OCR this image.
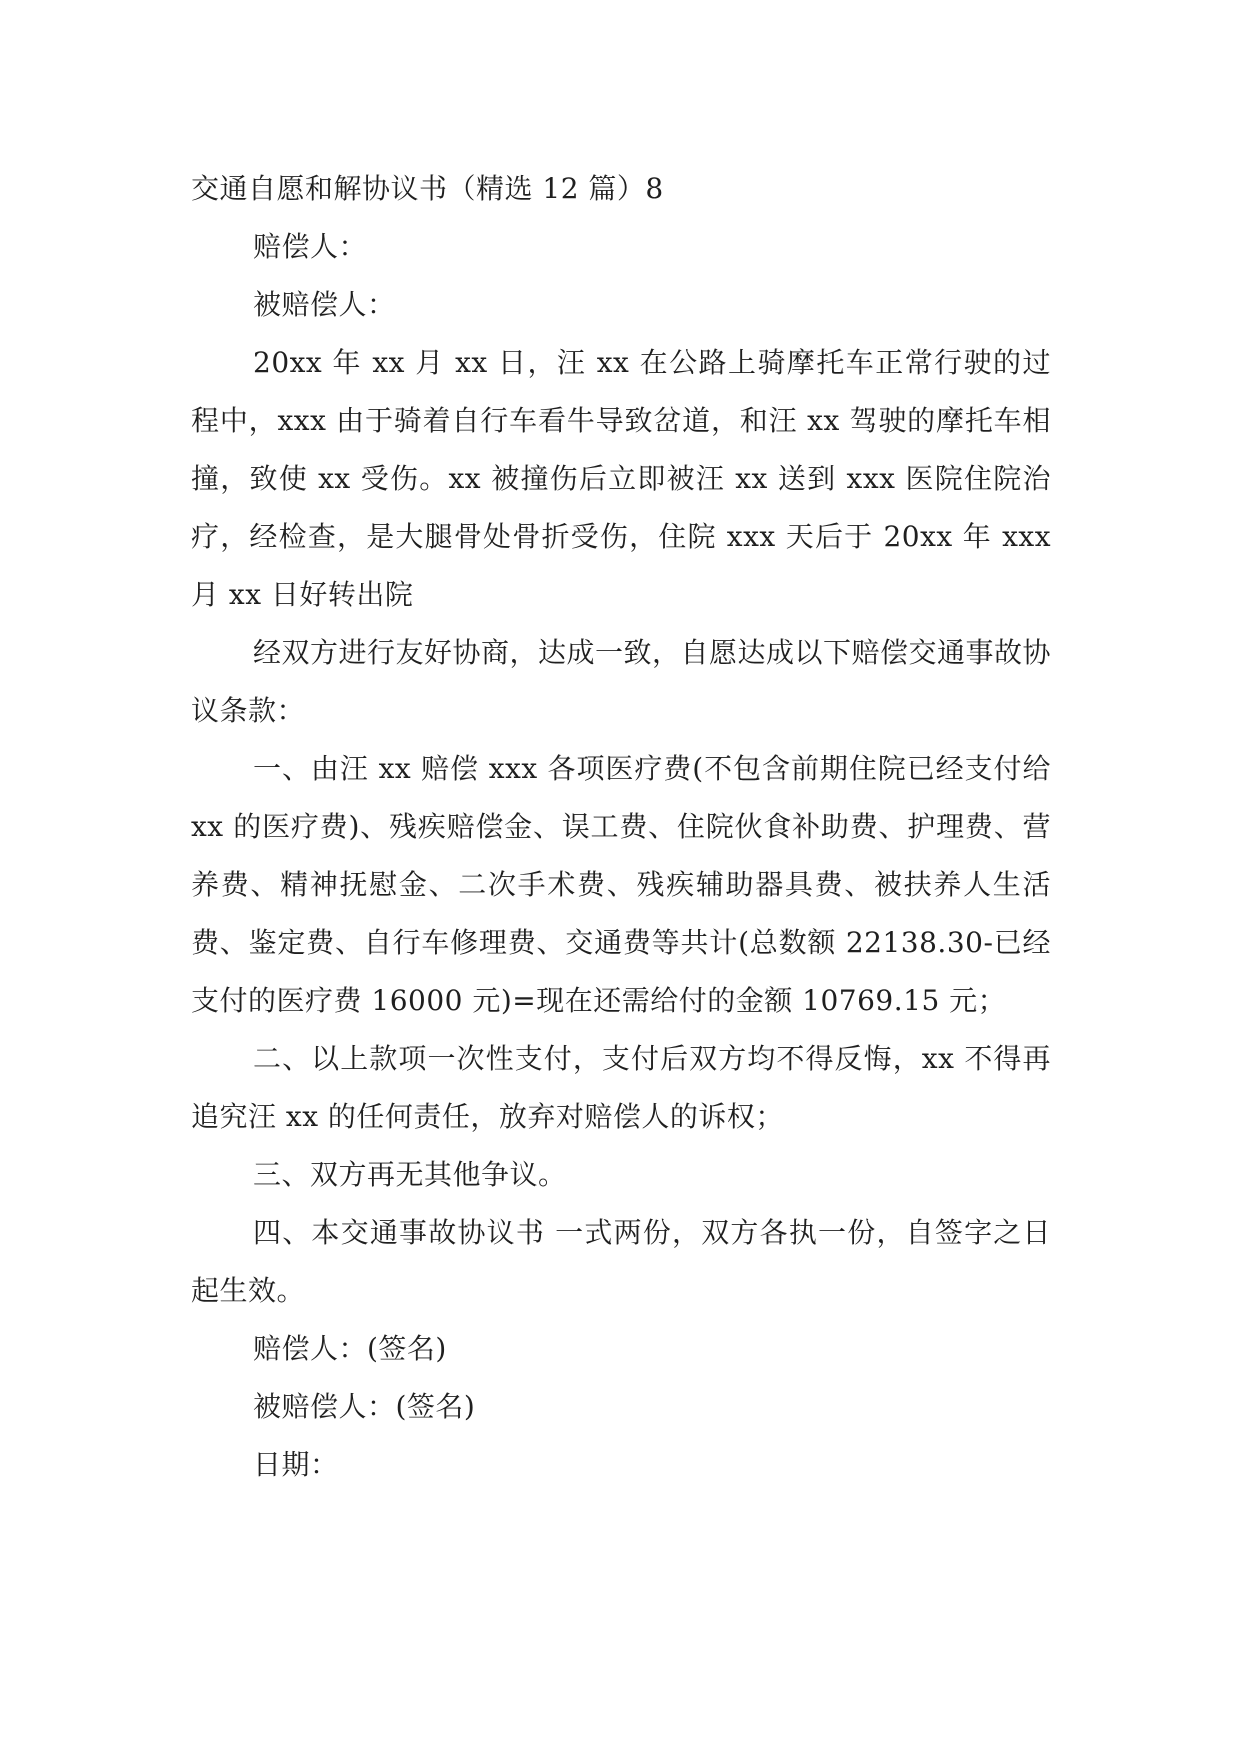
交通自愿和解协议书（精选 12 篇）8

赔偿人：

被赔偿人：

20xx 年 xx 月 xx 日，汪 xx 在公路上骑摩托车正常行驶的过程中，xxx 由于骑着自行车看牛导致岔道，和汪 xx 驾驶的摩托车相撞，致使 xx 受伤。xx 被撞伤后立即被汪 xx 送到 xxx 医院住院治疗，经检查，是大腿骨处骨折受伤，住院 xxx 天后于 20xx 年 xxx 月 xx 日好转出院

经双方进行友好协商，达成一致，自愿达成以下赔偿交通事故协议条款：

一、由汪 xx 赔偿 xxx 各项医疗费(不包含前期住院已经支付给 xx 的医疗费)、残疾赔偿金、误工费、住院伙食补助费、护理费、营养费、精神抚慰金、二次手术费、残疾辅助器具费、被扶养人生活费、鉴定费、自行车修理费、交通费等共计(总数额 22138.30-已经支付的医疗费 16000 元)=现在还需给付的金额 10769.15 元；

二、以上款项一次性支付，支付后双方均不得反悔，xx 不得再追究汪 xx 的任何责任，放弃对赔偿人的诉权；

三、双方再无其他争议。

四、本交通事故协议书 一式两份，双方各执一份，自签字之日起生效。

赔偿人：(签名)

被赔偿人：(签名)

日期：
